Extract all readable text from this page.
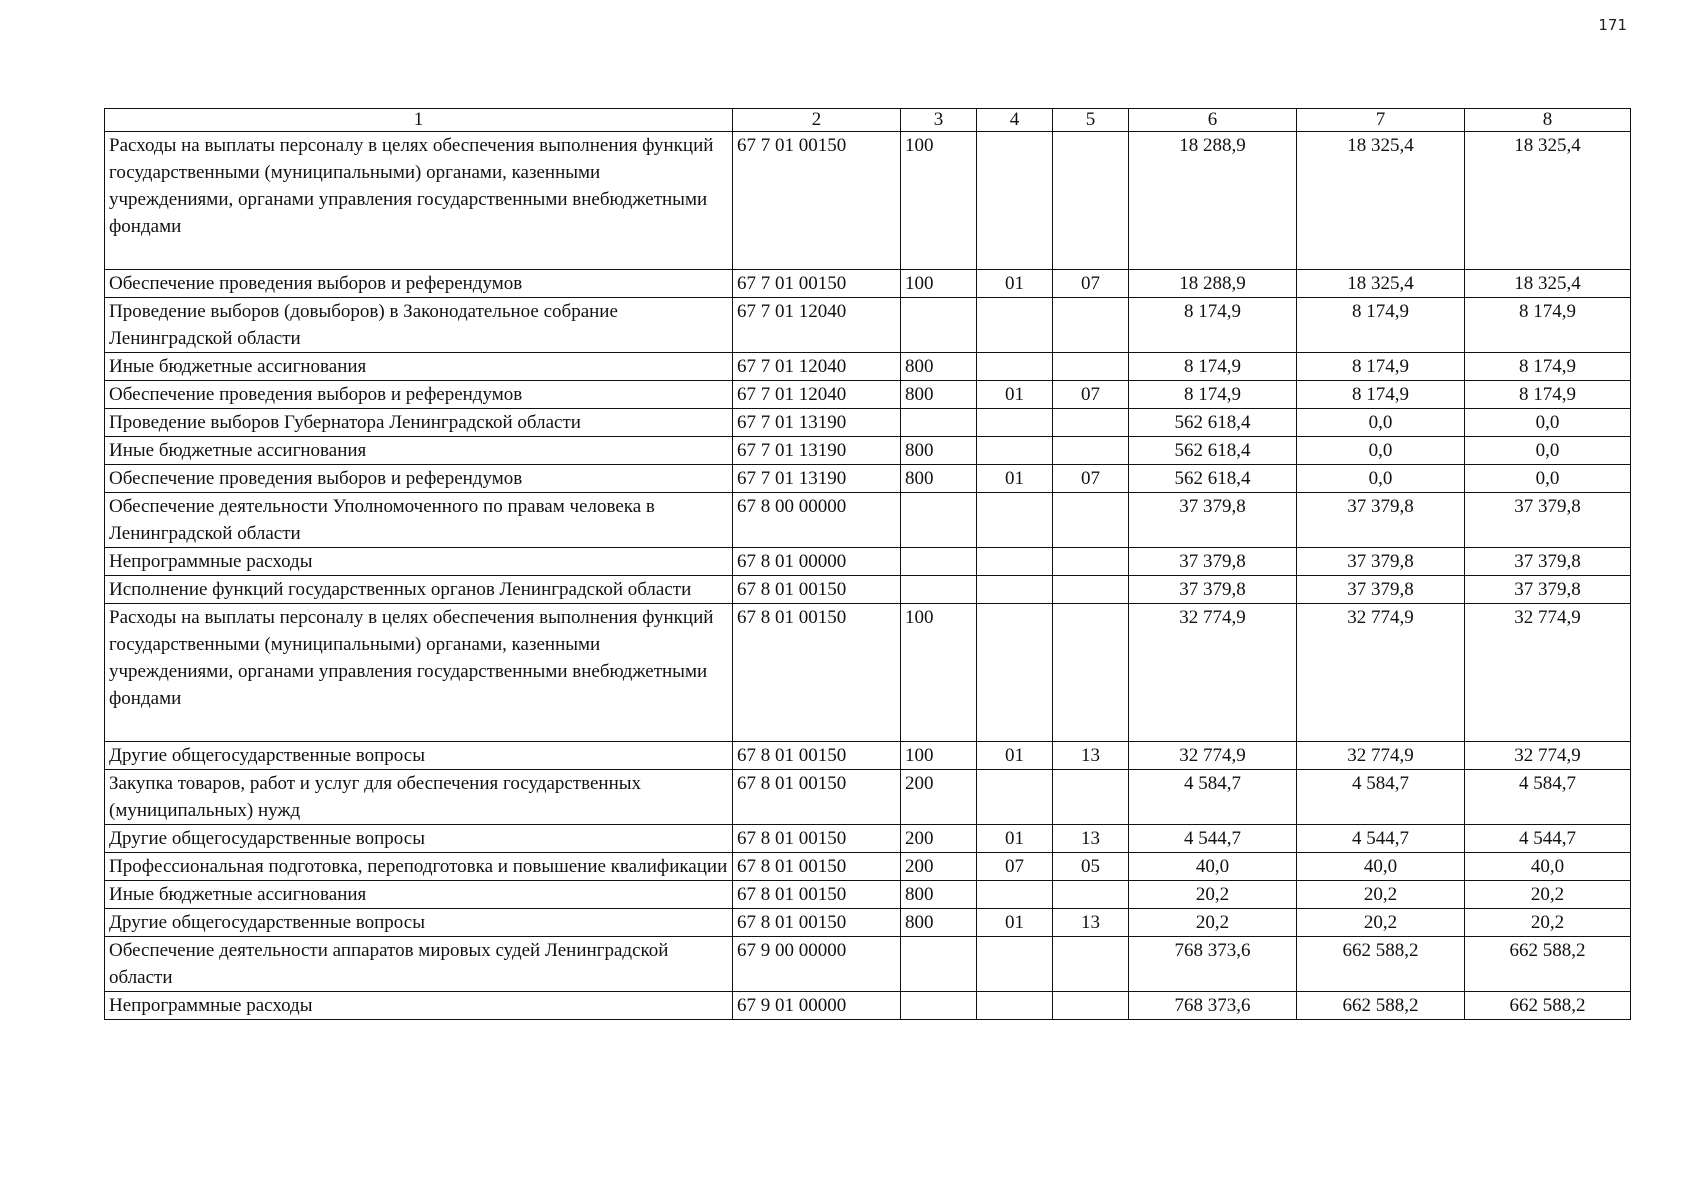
171
1	2	3	4	5	6	7	8
Расходы на выплаты персоналу в целях обеспечения выполнения функций государственными (муниципальными) органами, казенными учреждениями, органами управления государственными внебюджетными фондами	67 7 01 00150	100			18 288,9	18 325,4	18 325,4
Обеспечение проведения выборов и референдумов	67 7 01 00150	100	01	07	18 288,9	18 325,4	18 325,4
Проведение выборов (довыборов) в Законодательное собрание Ленинградской области	67 7 01 12040				8 174,9	8 174,9	8 174,9
Иные бюджетные ассигнования	67 7 01 12040	800			8 174,9	8 174,9	8 174,9
Обеспечение проведения выборов и референдумов	67 7 01 12040	800	01	07	8 174,9	8 174,9	8 174,9
Проведение выборов Губернатора Ленинградской области	67 7 01 13190				562 618,4	0,0	0,0
Иные бюджетные ассигнования	67 7 01 13190	800			562 618,4	0,0	0,0
Обеспечение проведения выборов и референдумов	67 7 01 13190	800	01	07	562 618,4	0,0	0,0
Обеспечение деятельности Уполномоченного по правам человека в Ленинградской области	67 8 00 00000				37 379,8	37 379,8	37 379,8
Непрограммные расходы	67 8 01 00000				37 379,8	37 379,8	37 379,8
Исполнение функций государственных органов Ленинградской области	67 8 01 00150				37 379,8	37 379,8	37 379,8
Расходы на выплаты персоналу в целях обеспечения выполнения функций государственными (муниципальными) органами, казенными учреждениями, органами управления государственными внебюджетными фондами	67 8 01 00150	100			32 774,9	32 774,9	32 774,9
Другие общегосударственные вопросы	67 8 01 00150	100	01	13	32 774,9	32 774,9	32 774,9
Закупка товаров, работ и услуг для обеспечения государственных (муниципальных) нужд	67 8 01 00150	200			4 584,7	4 584,7	4 584,7
Другие общегосударственные вопросы	67 8 01 00150	200	01	13	4 544,7	4 544,7	4 544,7
Профессиональная подготовка, переподготовка и повышение квалификации	67 8 01 00150	200	07	05	40,0	40,0	40,0
Иные бюджетные ассигнования	67 8 01 00150	800			20,2	20,2	20,2
Другие общегосударственные вопросы	67 8 01 00150	800	01	13	20,2	20,2	20,2
Обеспечение деятельности аппаратов мировых судей Ленинградской области	67 9 00 00000				768 373,6	662 588,2	662 588,2
Непрограммные расходы	67 9 01 00000				768 373,6	662 588,2	662 588,2
